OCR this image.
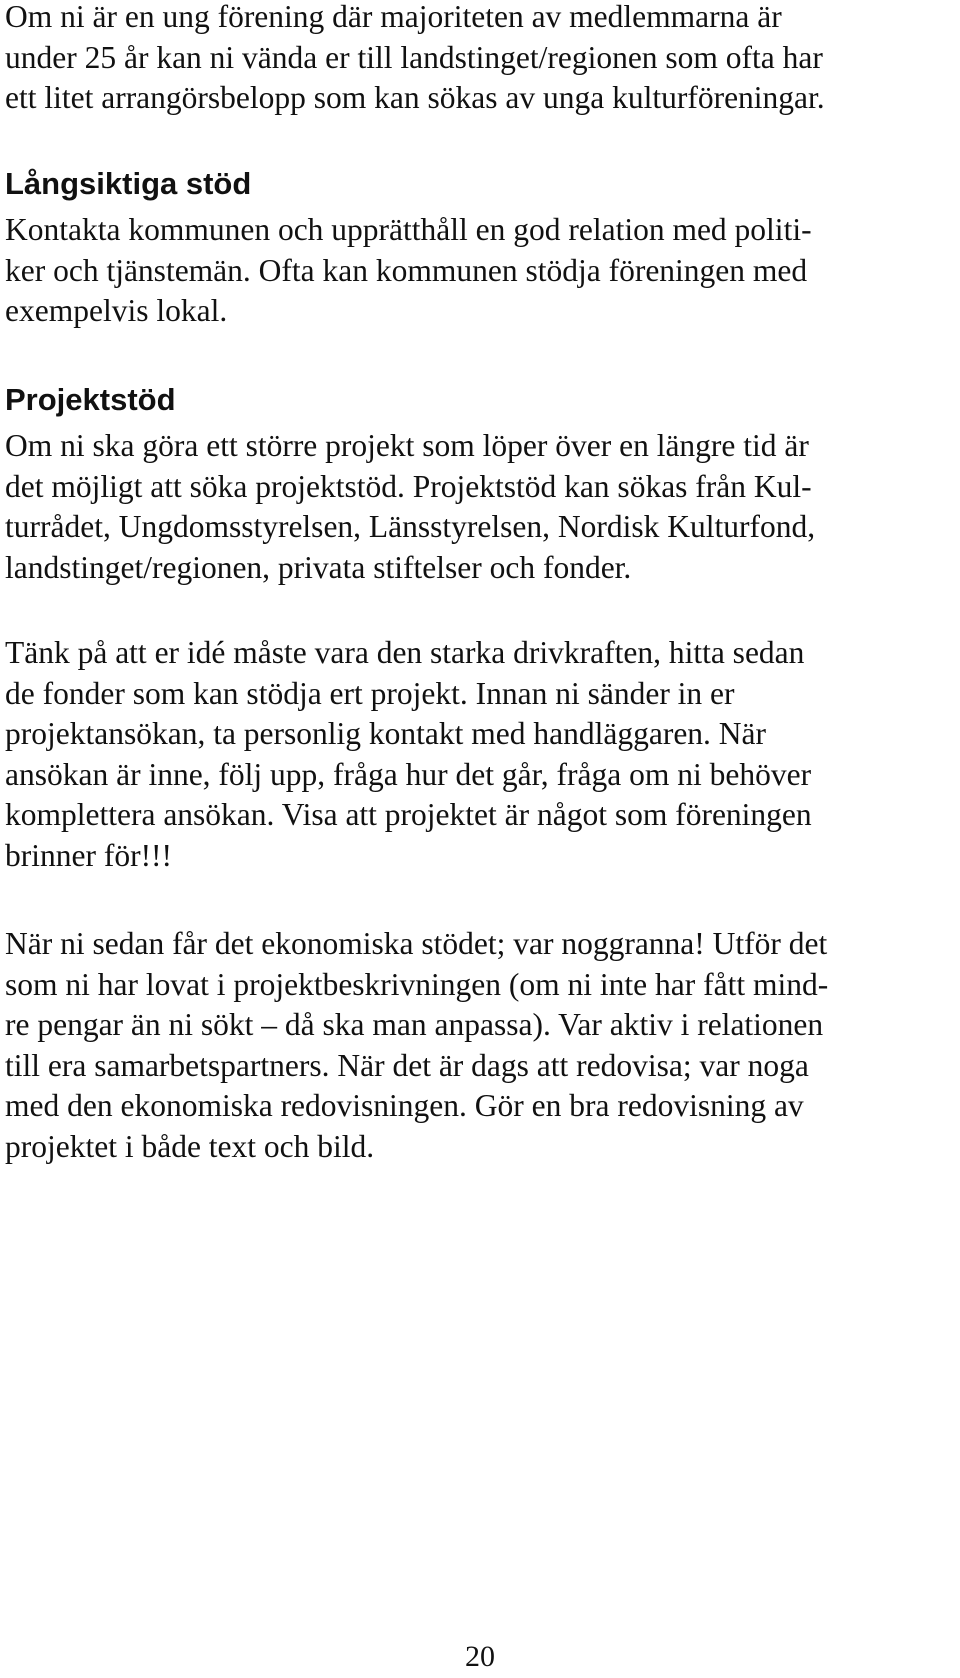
Om ni är en ung förening där majoriteten av medlemmarna är
under 25 år kan ni vända er till landstinget/regionen som ofta har
ett litet arrangörsbelopp som kan sökas av unga kulturföreningar.

Långsiktiga stöd

Kontakta kommunen och upprätthåll en god relation med politi-
ker och tjänstemän. Ofta kan kommunen stödja föreningen med
exempelvis lokal.

Projektstöd

Om ni ska göra ett större projekt som löper över en längre tid är
det möjligt att söka projektstöd. Projektstöd kan sökas från Kul-
turrådet, Ungdomsstyrelsen, Länsstyrelsen, Nordisk Kulturfond,
landstinget/regionen, privata stiftelser och fonder.

Tänk på att er idé måste vara den starka drivkraften, hitta sedan
de fonder som kan stödja ert projekt. Innan ni sänder in er
projektansökan, ta personlig kontakt med handläggaren. När
ansökan är inne, följ upp, fråga hur det går, fråga om ni behöver
komplettera ansökan. Visa att projektet är något som föreningen
brinner för!!!

När ni sedan får det ekonomiska stödet; var noggranna! Utför det
som ni har lovat i projektbeskrivningen (om ni inte har fått mind-
re pengar än ni sökt – då ska man anpassa). Var aktiv i relationen
till era samarbetspartners. När det är dags att redovisa; var noga
med den ekonomiska redovisningen. Gör en bra redovisning av
projektet i både text och bild.

20
